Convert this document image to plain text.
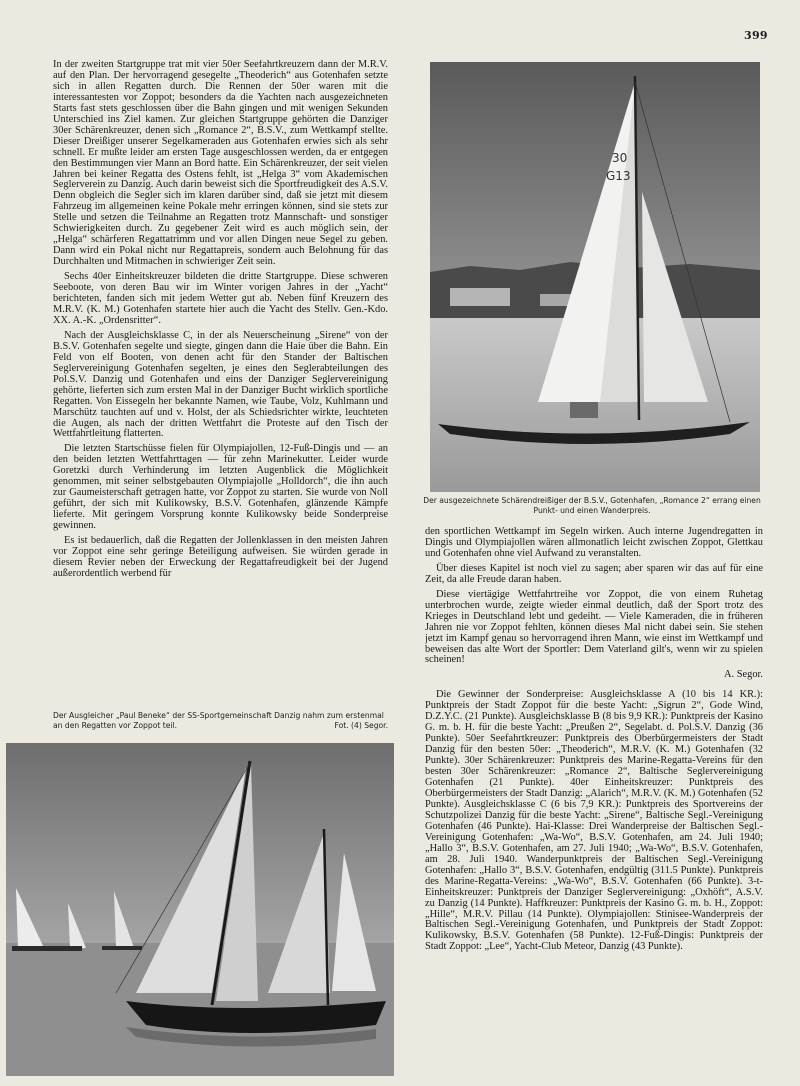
399

In der zweiten Startgruppe trat mit vier 50er Seefahrtkreuzern dann der M.R.V. auf den Plan. Der hervorragend gesegelte „Theoderich“ aus Gotenhafen setzte sich in allen Regatten durch. Die Rennen der 50er waren mit die interessantesten vor Zoppot; besonders da die Yachten nach ausgezeichneten Starts fast stets geschlossen über die Bahn gingen und mit wenigen Sekunden Unterschied ins Ziel kamen. Zur gleichen Startgruppe gehörten die Danziger 30er Schärenkreuzer, denen sich „Romance 2“, B.S.V., zum Wettkampf stellte. Dieser Dreißiger unserer Segelkameraden aus Gotenhafen erwies sich als sehr schnell. Er mußte leider am ersten Tage ausgeschlossen werden, da er entgegen den Bestimmungen vier Mann an Bord hatte. Ein Schärenkreuzer, der seit vielen Jahren bei keiner Regatta des Ostens fehlt, ist „Helga 3“ vom Akademischen Seglerverein zu Danzig. Auch darin beweist sich die Sportfreudigkeit des A.S.V. Denn obgleich die Segler sich im klaren darüber sind, daß sie jetzt mit diesem Fahrzeug im allgemeinen keine Pokale mehr erringen können, sind sie stets zur Stelle und setzen die Teilnahme an Regatten trotz Mannschaft- und sonstiger Schwierigkeiten durch. Zu gegebener Zeit wird es auch möglich sein, der „Helga“ schärferen Regattatrimm und vor allen Dingen neue Segel zu geben. Dann wird ein Pokal nicht nur Regattapreis, sondern auch Belohnung für das Durchhalten und Mitmachen in schwieriger Zeit sein.

Sechs 40er Einheitskreuzer bildeten die dritte Startgruppe. Diese schweren Seeboote, von deren Bau wir im Winter vorigen Jahres in der „Yacht“ berichteten, fanden sich mit jedem Wetter gut ab. Neben fünf Kreuzern des M.R.V. (K. M.) Gotenhafen startete hier auch die Yacht des Stellv. Gen.-Kdo. XX. A.-K. „Ordensritter“.

Nach der Ausgleichsklasse C, in der als Neuerscheinung „Sirene“ von der B.S.V. Gotenhafen segelte und siegte, gingen dann die Haie über die Bahn. Ein Feld von elf Booten, von denen acht für den Stander der Baltischen Seglervereinigung Gotenhafen segelten, je eines den Seglerabteilungen des Pol.S.V. Danzig und Gotenhafen und eins der Danziger Seglervereinigung gehörte, lieferten sich zum ersten Mal in der Danziger Bucht wirklich sportliche Regatten. Von Eissegeln her bekannte Namen, wie Taube, Volz, Kuhlmann und Marschütz tauchten auf und v. Holst, der als Schiedsrichter wirkte, leuchteten die Augen, als nach der dritten Wettfahrt die Proteste auf den Tisch der Wettfahrtleitung flatterten.

Die letzten Startschüsse fielen für Olympiajollen, 12-Fuß-Dingis und — an den beiden letzten Wettfahrttagen — für zehn Marinekutter. Leider wurde Goretzki durch Verhinderung im letzten Augenblick die Möglichkeit genommen, mit seiner selbstgebauten Olympiajolle „Holldorch“, die ihn auch zur Gaumeisterschaft getragen hatte, vor Zoppot zu starten. Sie wurde von Noll geführt, der sich mit Kulikowsky, B.S.V. Gotenhafen, glänzende Kämpfe lieferte. Mit geringem Vorsprung konnte Kulikowsky beide Sonderpreise gewinnen.

Es ist bedauerlich, daß die Regatten der Jollenklassen in den meisten Jahren vor Zoppot eine sehr geringe Beteiligung aufweisen. Sie würden gerade in diesem Revier neben der Erweckung der Regattafreudigkeit bei der Jugend außerordentlich werbend für

30
G13
Der ausgezeichnete Schärendreißiger der B.S.V., Gotenhafen, „Romance 2“ errang einen Punkt- und einen Wanderpreis.
Der Ausgleicher „Paul Beneke“ der SS-Sportgemeinschaft Danzig nahm zum erstenmal an den Regatten vor Zoppot teil.	Fot. (4) Segor.

den sportlichen Wettkampf im Segeln wirken. Auch interne Jugendregatten in Dingis und Olympiajollen wären allmonatlich leicht zwischen Zoppot, Glettkau und Gotenhafen ohne viel Aufwand zu veranstalten.

Über dieses Kapitel ist noch viel zu sagen; aber sparen wir das auf für eine Zeit, da alle Freude daran haben.

Diese viertägige Wettfahrtreihe vor Zoppot, die von einem Ruhetag unterbrochen wurde, zeigte wieder einmal deutlich, daß der Sport trotz des Krieges in Deutschland lebt und gedeiht. — Viele Kameraden, die in früheren Jahren nie vor Zoppot fehlten, können dieses Mal nicht dabei sein. Sie stehen jetzt im Kampf genau so hervorragend ihren Mann, wie einst im Wettkampf und beweisen das alte Wort der Sportler: Dem Vaterland gilt's, wenn wir zu spielen scheinen!

A. Segor.

Die Gewinner der Sonderpreise: Ausgleichsklasse A (10 bis 14 KR.): Punktpreis der Stadt Zoppot für die beste Yacht: „Sigrun 2“, Gode Wind, D.Z.Y.C. (21 Punkte). Ausgleichsklasse B (8 bis 9,9 KR.): Punktpreis der Kasino G. m. b. H. für die beste Yacht: „Preußen 2“, Segelabt. d. Pol.S.V. Danzig (36 Punkte). 50er Seefahrtkreuzer: Punktpreis des Oberbürgermeisters der Stadt Danzig für den besten 50er: „Theoderich“, M.R.V. (K. M.) Gotenhafen (32 Punkte). 30er Schärenkreuzer: Punktpreis des Marine-Regatta-Vereins für den besten 30er Schärenkreuzer: „Romance 2“, Baltische Seglervereinigung Gotenhafen (21 Punkte). 40er Einheitskreuzer: Punktpreis des Oberbürgermeisters der Stadt Danzig: „Alarich“, M.R.V. (K. M.) Gotenhafen (52 Punkte). Ausgleichsklasse C (6 bis 7,9 KR.): Punktpreis des Sportvereins der Schutzpolizei Danzig für die beste Yacht: „Sirene“, Baltische Segl.-Vereinigung Gotenhafen (46 Punkte). Hai-Klasse: Drei Wanderpreise der Baltischen Segl.-Vereinigung Gotenhafen: „Wa-Wo“, B.S.V. Gotenhafen, am 24. Juli 1940; „Hallo 3“, B.S.V. Gotenhafen, am 27. Juli 1940; „Wa-Wo“, B.S.V. Gotenhafen, am 28. Juli 1940. Wanderpunktpreis der Baltischen Segl.-Vereinigung Gotenhafen: „Hallo 3“, B.S.V. Gotenhafen, endgültig (311.5 Punkte). Punktpreis des Marine-Regatta-Vereins: „Wa-Wo“, B.S.V. Gotenhafen (66 Punkte). 3-t-Einheitskreuzer: Punktpreis der Danziger Seglervereinigung: „Oxhöft“, A.S.V. zu Danzig (14 Punkte). Haffkreuzer: Punktpreis der Kasino G. m. b. H., Zoppot: „Hille“, M.R.V. Pillau (14 Punkte). Olympiajollen: Stinisee-Wanderpreis der Baltischen Segl.-Vereinigung Gotenhafen, und Punktpreis der Stadt Zoppot: Kulikowsky, B.S.V. Gotenhafen (58 Punkte). 12-Fuß-Dingis: Punktpreis der Stadt Zoppot: „Lee“, Yacht-Club Meteor, Danzig (43 Punkte).
